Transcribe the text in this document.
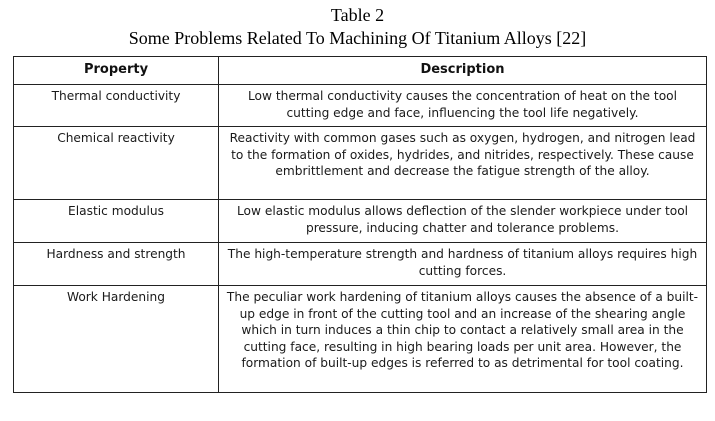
Table 2
Some Problems Related To Machining Of Titanium Alloys [22]
Property	Description
Thermal conductivity	Low thermal conductivity causes the concentration of heat on the tool cutting edge and face, influencing the tool life negatively.
Chemical reactivity	Reactivity with common gases such as oxygen, hydrogen, and nitrogen lead to the formation of oxides, hydrides, and nitrides, respectively. These cause embrittlement and decrease the fatigue strength of the alloy.
Elastic modulus	Low elastic modulus allows deflection of the slender workpiece under tool pressure, inducing chatter and tolerance problems.
Hardness and strength	The high-temperature strength and hardness of titanium alloys requires high cutting forces.
Work Hardening	The peculiar work hardening of titanium alloys causes the absence of a built-up edge in front of the cutting tool and an increase of the shearing angle which in turn induces a thin chip to contact a relatively small area in the cutting face, resulting in high bearing loads per unit area. However, the formation of built-up edges is referred to as detrimental for tool coating.
